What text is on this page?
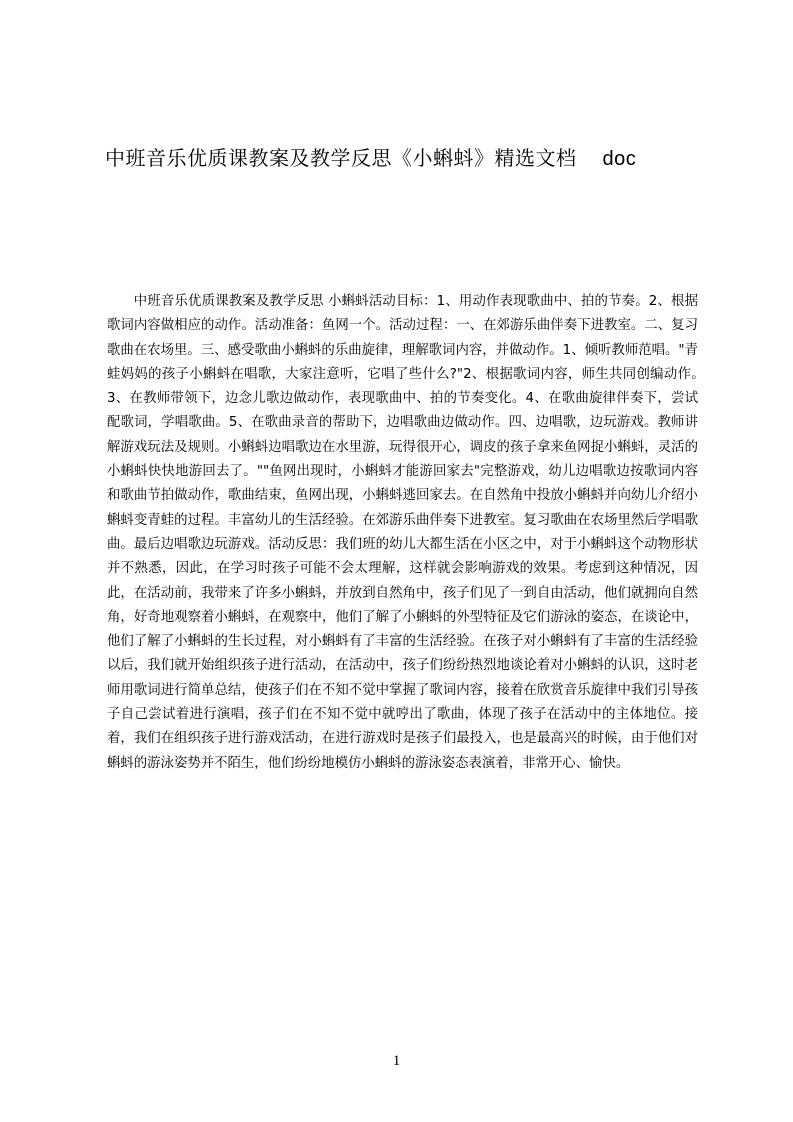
中班音乐优质课教案及教学反思《小蝌蚪》精选文档 doc
中班音乐优质课教案及教学反思 小蝌蚪活动目标：1、用动作表现歌曲中、拍的节奏。2、根据歌词内容做相应的动作。活动准备：鱼网一个。活动过程：一、在郊游乐曲伴奏下进教室。二、复习歌曲在农场里。三、感受歌曲小蝌蚪的乐曲旋律，理解歌词内容，并做动作。1、倾听教师范唱。"青蛙妈妈的孩子小蝌蚪在唱歌，大家注意听，它唱了些什么?"2、根据歌词内容，师生共同创编动作。　3、在教师带领下，边念儿歌边做动作，表现歌曲中、拍的节奏变化。4、在歌曲旋律伴奏下，尝试配歌词，学唱歌曲。5、在歌曲录音的帮助下，边唱歌曲边做动作。四、边唱歌，边玩游戏。教师讲解游戏玩法及规则。小蝌蚪边唱歌边在水里游，玩得很开心，调皮的孩子拿来鱼网捉小蝌蚪，灵活的小蝌蚪快快地游回去了。""鱼网出现时，小蝌蚪才能游回家去"完整游戏，幼儿边唱歌边按歌词内容和歌曲节拍做动作，歌曲结束，鱼网出现，小蝌蚪逃回家去。在自然角中投放小蝌蚪并向幼儿介绍小蝌蚪变青蛙的过程。丰富幼儿的生活经验。在郊游乐曲伴奏下进教室。复习歌曲在农场里然后学唱歌曲。最后边唱歌边玩游戏。活动反思：我们班的幼儿大都生活在小区之中，对于小蝌蚪这个动物形状并不熟悉，因此，在学习时孩子可能不会太理解，这样就会影响游戏的效果。考虑到这种情况，因此，在活动前，我带来了许多小蝌蚪，并放到自然角中，孩子们见了一到自由活动，他们就拥向自然角，好奇地观察着小蝌蚪，在观察中，他们了解了小蝌蚪的外型特征及它们游泳的姿态，在谈论中，他们了解了小蝌蚪的生长过程，对小蝌蚪有了丰富的生活经验。在孩子对小蝌蚪有了丰富的生活经验以后，我们就开始组织孩子进行活动，在活动中，孩子们纷纷热烈地谈论着对小蝌蚪的认识，这时老师用歌词进行简单总结，使孩子们在不知不觉中掌握了歌词内容，接着在欣赏音乐旋律中我们引导孩子自己尝试着进行演唱，孩子们在不知不觉中就哼出了歌曲，体现了孩子在活动中的主体地位。接着，我们在组织孩子进行游戏活动，在进行游戏时是孩子们最投入，也是最高兴的时候，由于他们对蝌蚪的游泳姿势并不陌生，他们纷纷地模仿小蝌蚪的游泳姿态表演着，非常开心、愉快。
1
